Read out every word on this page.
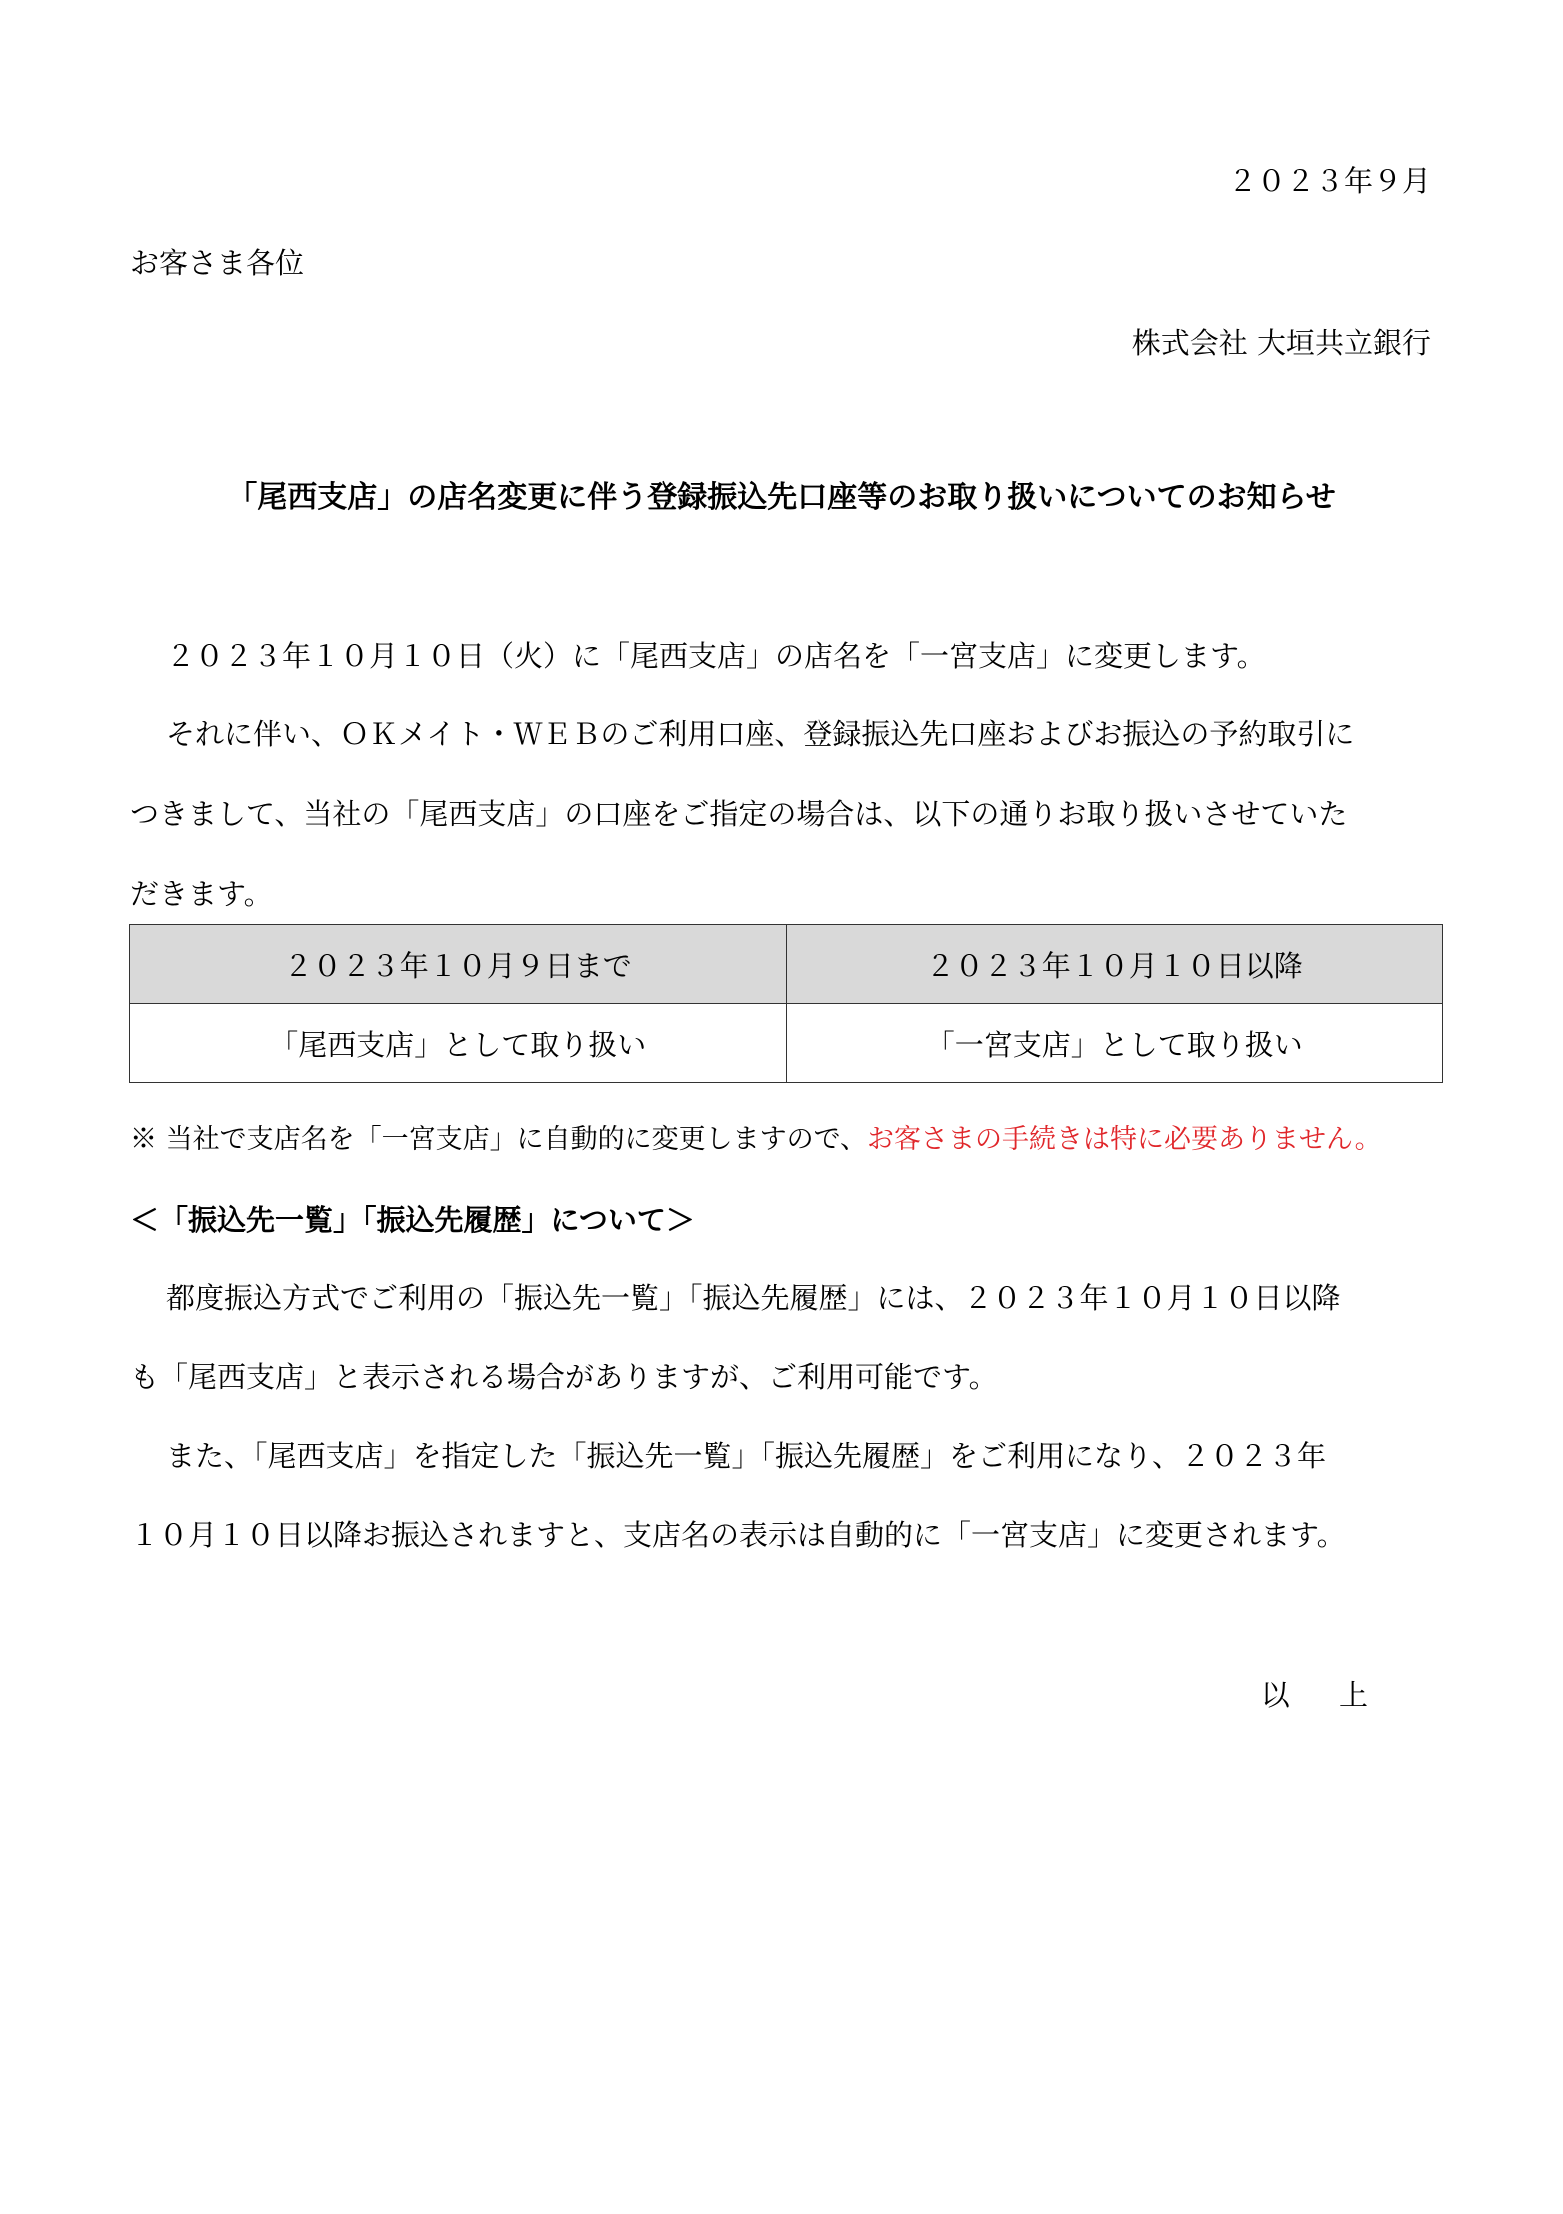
２０２３年９月
お客さま各位
株式会社 大垣共立銀行
「尾西支店」の店名変更に伴う登録振込先口座等のお取り扱いについてのお知らせ
２０２３年１０月１０日（火）に「尾西支店」の店名を「一宮支店」に変更します。
それに伴い、ＯＫメイト・ＷＥＢのご利用口座、登録振込先口座およびお振込の予約取引に
つきまして、当社の「尾西支店」の口座をご指定の場合は、以下の通りお取り扱いさせていた
だきます。
２０２３年１０月９日まで	２０２３年１０月１０日以降
「尾西支店」として取り扱い	「一宮支店」として取り扱い
※ 当社で支店名を「一宮支店」に自動的に変更しますので、お客さまの手続きは特に必要ありません。
＜「振込先一覧」「振込先履歴」について＞
都度振込方式でご利用の「振込先一覧」「振込先履歴」には、２０２３年１０月１０日以降
も「尾西支店」と表示される場合がありますが、ご利用可能です。
また、「尾西支店」を指定した「振込先一覧」「振込先履歴」をご利用になり、２０２３年
１０月１０日以降お振込されますと、支店名の表示は自動的に「一宮支店」に変更されます。
以 上
